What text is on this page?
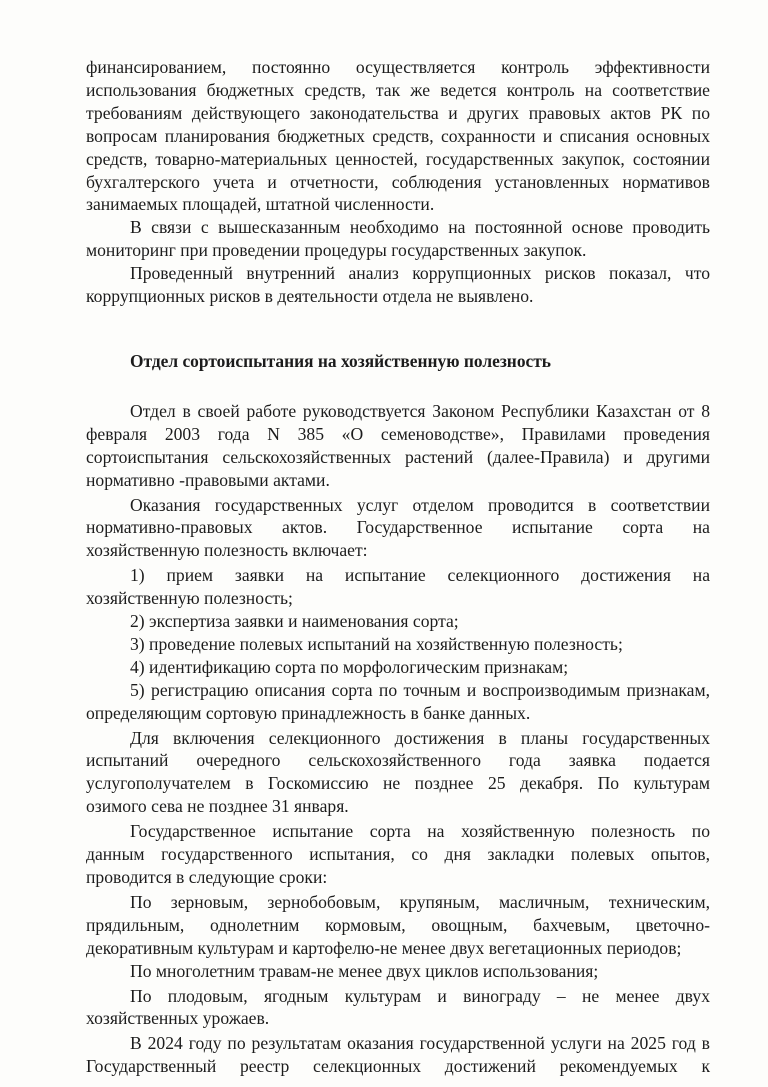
финансированием, постоянно осуществляется контроль эффективности
использования бюджетных средств, так же ведется контроль на соответствие
требованиям действующего законодательства и других правовых актов РК по
вопросам планирования бюджетных средств, сохранности и списания основных
средств, товарно-материальных ценностей, государственных закупок, состоянии
бухгалтерского учета и отчетности, соблюдения установленных нормативов
занимаемых площадей, штатной численности.
В связи с вышесказанным необходимо на постоянной основе проводить
мониторинг при проведении процедуры государственных закупок.
Проведенный внутренний анализ коррупционных рисков показал, что
коррупционных рисков в деятельности отдела не выявлено.
Отдел сортоиспытания на хозяйственную полезность
Отдел в своей работе руководствуется Законом Республики Казахстан от 8
февраля 2003 года N 385 «О семеноводстве», Правилами проведения
сортоиспытания сельскохозяйственных растений (далее-Правила) и другими
нормативно -правовыми актами.
Оказания государственных услуг отделом проводится в соответствии
нормативно-правовых актов. Государственное испытание сорта на
хозяйственную полезность включает:
1) прием заявки на испытание селекционного достижения на
хозяйственную полезность;
2) экспертиза заявки и наименования сорта;
3) проведение полевых испытаний на хозяйственную полезность;
4) идентификацию сорта по морфологическим признакам;
5) регистрацию описания сорта по точным и воспроизводимым признакам,
определяющим сортовую принадлежность в банке данных.
Для включения селекционного достижения в планы государственных
испытаний очередного сельскохозяйственного года заявка подается
услугополучателем в Госкомиссию не позднее 25 декабря. По культурам
озимого сева не позднее 31 января.
Государственное испытание сорта на хозяйственную полезность по
данным государственного испытания, со дня закладки полевых опытов,
проводится в следующие сроки:
По зерновым, зернобобовым, крупяным, масличным, техническим,
прядильным, однолетним кормовым, овощным, бахчевым, цветочно-
декоративным культурам и картофелю-не менее двух вегетационных периодов;
По многолетним травам-не менее двух циклов использования;
По плодовым, ягодным культурам и винограду – не менее двух
хозяйственных урожаев.
В 2024 году по результатам оказания государственной услуги на 2025 год в
Государственный реестр селекционных достижений рекомендуемых к
